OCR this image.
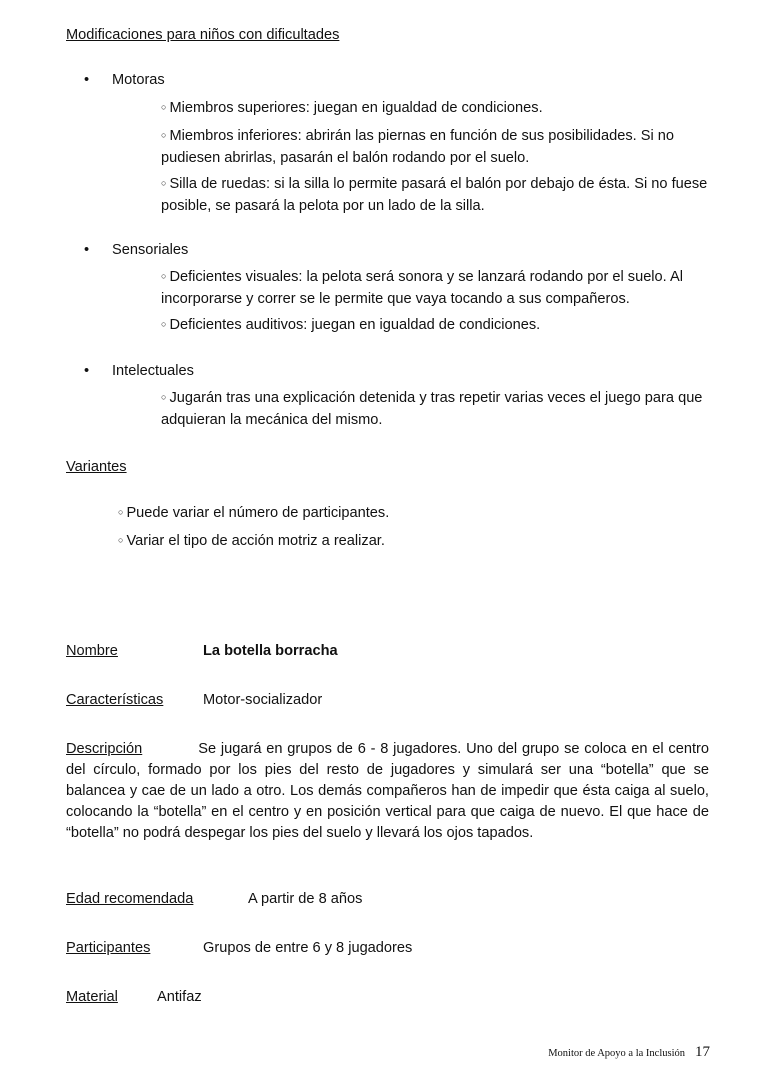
Modificaciones para niños con dificultades
• Motoras
○ Miembros superiores: juegan en igualdad de condiciones.
○ Miembros inferiores: abrirán las piernas en función de sus posibilidades. Si no pudiesen abrirlas, pasarán el balón rodando por el suelo.
○ Silla de ruedas: si la silla lo permite pasará el balón por debajo de ésta. Si no fuese posible, se pasará la pelota por un lado de la silla.
• Sensoriales
○ Deficientes visuales: la pelota será sonora y se lanzará rodando por el suelo. Al incorporarse y correr se le permite que vaya tocando a sus compañeros.
○ Deficientes auditivos: juegan en igualdad de condiciones.
• Intelectuales
○ Jugarán tras una explicación detenida y tras repetir varias veces el juego para que adquieran la mecánica del mismo.
Variantes
○ Puede variar el número de participantes.
○ Variar el tipo de acción motriz a realizar.
Nombre	La botella borracha
Características	Motor-socializador
Descripción	Se jugará en grupos de 6 - 8 jugadores. Uno del grupo se coloca en el centro del círculo, formado por los pies del resto de jugadores y simulará ser una “botella” que se balancea y cae de un lado a otro. Los demás compañeros han de impedir que ésta caiga al suelo, colocando la “botella” en el centro y en posición vertical para que caiga de nuevo. El que hace de “botella” no podrá despegar los pies del suelo y llevará los ojos tapados.
Edad recomendada	A partir de 8 años
Participantes	Grupos de entre 6 y 8 jugadores
Material	Antifaz
Monitor de Apoyo a la Inclusión 17
